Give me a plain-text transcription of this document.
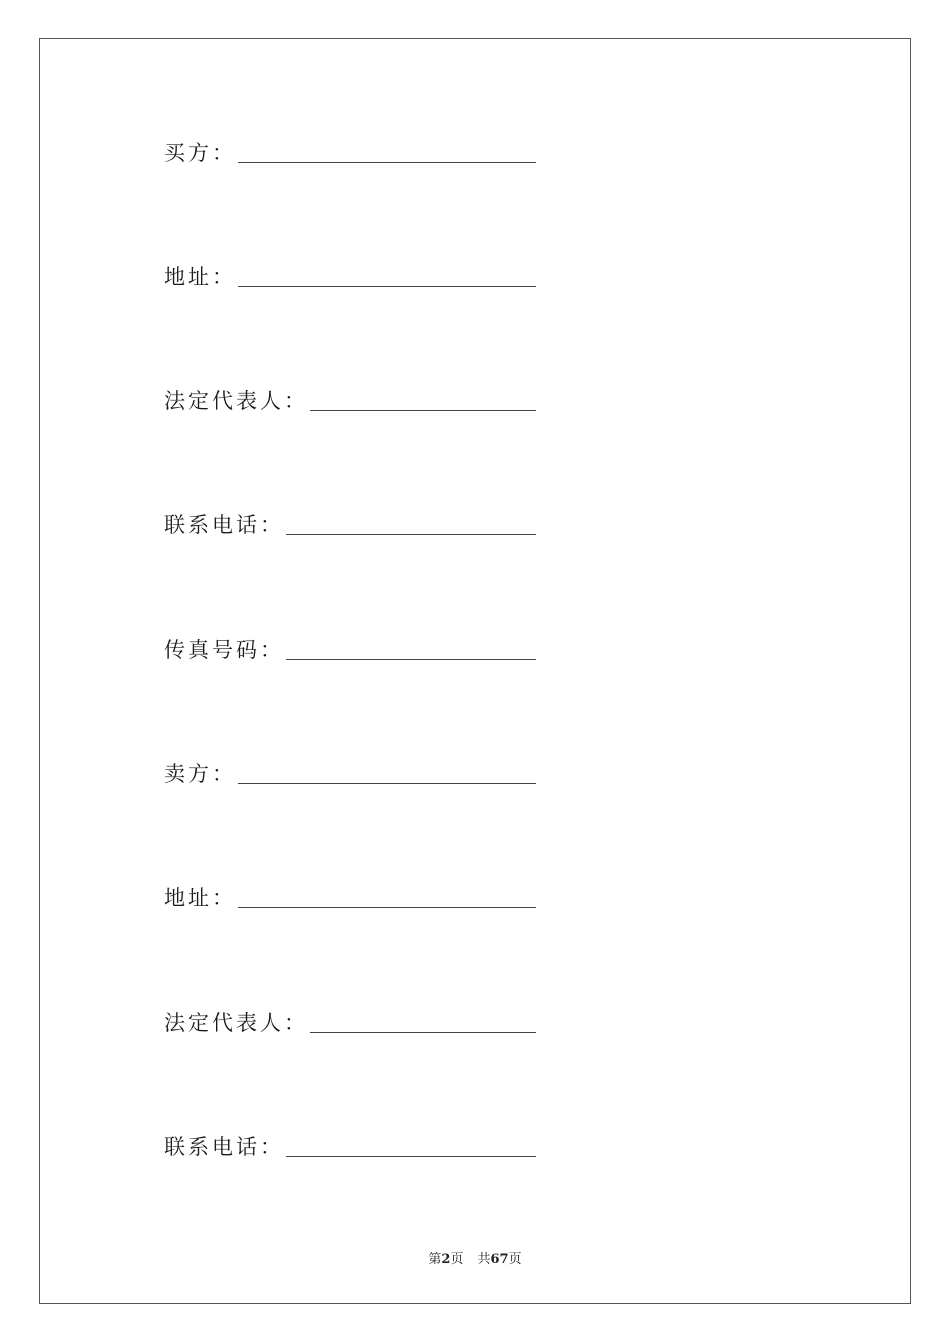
买方：
地址：
法定代表人：
联系电话：
传真号码：
卖方：
地址：
法定代表人：
联系电话：
第2页 共67页
